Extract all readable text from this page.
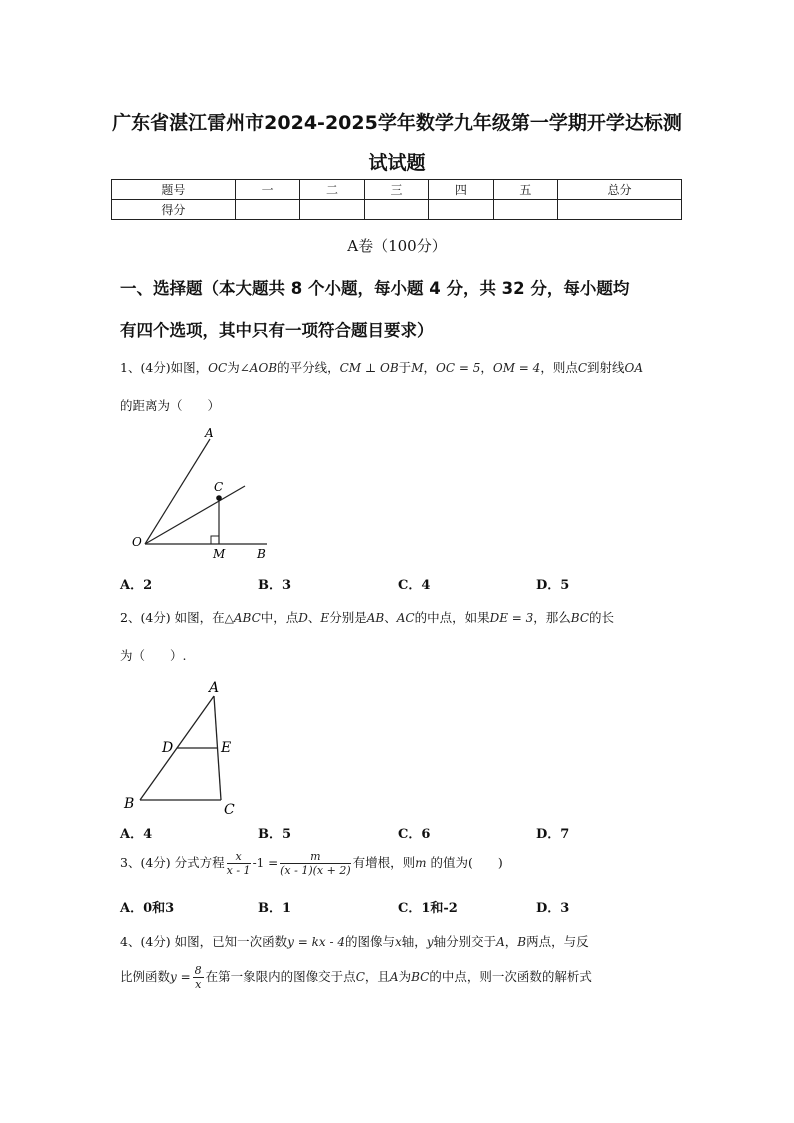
广东省湛江雷州市2024-2025学年数学九年级第一学期开学达标测
试试题
题号	一	二	三	四	五	总分
得分						
A卷（100分）
一、选择题（本大题共 8 个小题，每小题 4 分，共 32 分，每小题均
有四个选项，其中只有一项符合题目要求）
1、(4分)如图，OC为∠AOB的平分线，CM ⊥ OB于M，OC = 5，OM = 4，则点C到射线OA
的距离为（　　）
A
C
O
M	B
A．2	B．3	C．4	D．5
2、(4分) 如图，在△ABC中，点D、E分别是AB、AC的中点，如果DE = 3，那么BC的长
为（　　）.
A
D	E
B	C
A．4	B．5	C．6	D．7
3、(4分) 分式方程 $\frac{x}{x - 1} -1 = \frac{m}{(x - 1)(x + 2)}$ 有增根，则m 的值为(　　)
A．0和3	B．1	C．1和-2	D．3
4、(4分) 如图，已知一次函数y = kx - 4的图像与x轴，y轴分别交于A，B两点，与反
比例函数$y = \frac{8}{x}$ 在第一象限内的图像交于点C，且A为BC的中点，则一次函数的解析式
